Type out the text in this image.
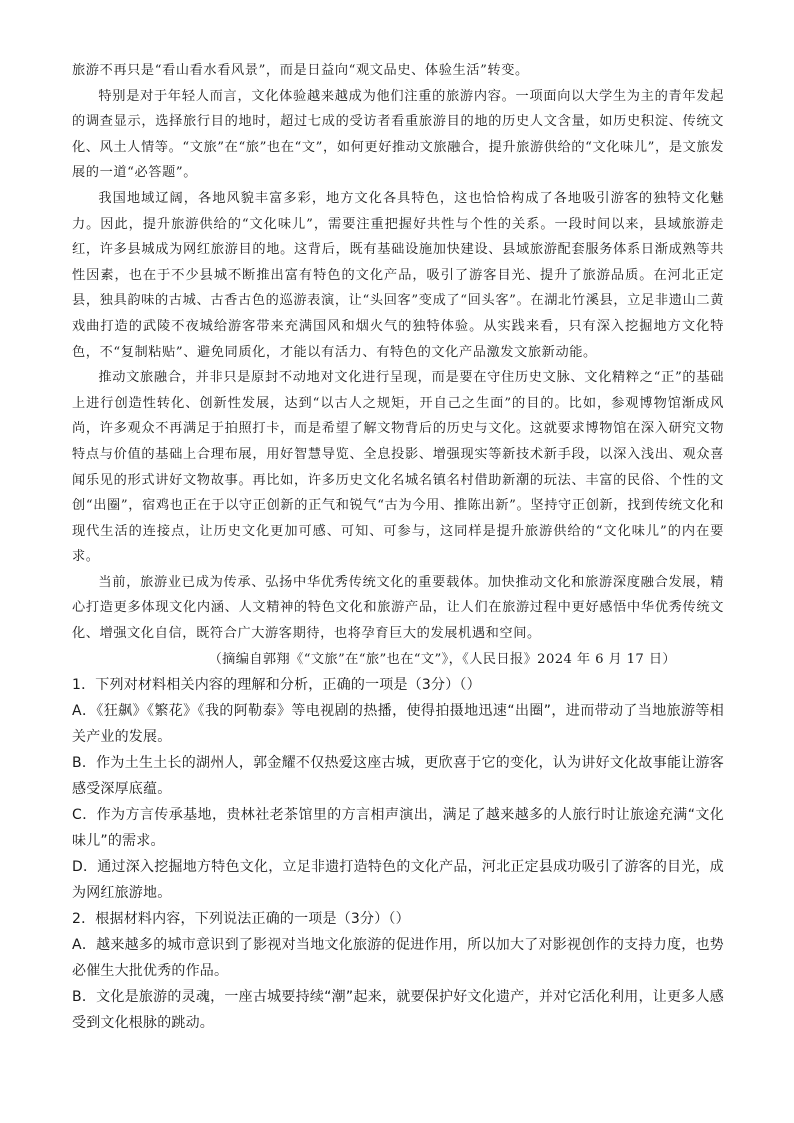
旅游不再只是“看山看水看风景”，而是日益向“观文品史、体验生活”转变。

特别是对于年轻人而言，文化体验越来越成为他们注重的旅游内容。一项面向以大学生为主的青年发起的调查显示，选择旅行目的地时，超过七成的受访者看重旅游目的地的历史人文含量，如历史积淀、传统文化、风土人情等。“文旅”在“旅”也在“文”，如何更好推动文旅融合，提升旅游供给的“文化味儿”，是文旅发展的一道“必答题”。

我国地域辽阔，各地风貌丰富多彩，地方文化各具特色，这也恰恰构成了各地吸引游客的独特文化魅力。因此，提升旅游供给的“文化味儿”，需要注重把握好共性与个性的关系。一段时间以来，县域旅游走红，许多县城成为网红旅游目的地。这背后，既有基础设施加快建设、县域旅游配套服务体系日渐成熟等共性因素，也在于不少县城不断推出富有特色的文化产品，吸引了游客目光、提升了旅游品质。在河北正定县，独具韵味的古城、古香古色的巡游表演，让“头回客”变成了“回头客”。在湖北竹溪县，立足非遗山二黄戏曲打造的武陵不夜城给游客带来充满国风和烟火气的独特体验。从实践来看，只有深入挖掘地方文化特色，不“复制粘贴”、避免同质化，才能以有活力、有特色的文化产品激发文旅新动能。

推动文旅融合，并非只是原封不动地对文化进行呈现，而是要在守住历史文脉、文化精粹之“正”的基础上进行创造性转化、创新性发展，达到“以古人之规矩，开自己之生面”的目的。比如，参观博物馆渐成风尚，许多观众不再满足于拍照打卡，而是希望了解文物背后的历史与文化。这就要求博物馆在深入研究文物特点与价值的基础上合理布展，用好智慧导览、全息投影、增强现实等新技术新手段，以深入浅出、观众喜闻乐见的形式讲好文物故事。再比如，许多历史文化名城名镇名村借助新潮的玩法、丰富的民俗、个性的文创“出圈”，宿鸡也正在于以守正创新的正气和锐气“古为今用、推陈出新”。坚持守正创新，找到传统文化和现代生活的连接点，让历史文化更加可感、可知、可参与，这同样是提升旅游供给的“文化味儿”的内在要求。

当前，旅游业已成为传承、弘扬中华优秀传统文化的重要载体。加快推动文化和旅游深度融合发展，精心打造更多体现文化内涵、人文精神的特色文化和旅游产品，让人们在旅游过程中更好感悟中华优秀传统文化、增强文化自信，既符合广大游客期待，也将孕育巨大的发展机遇和空间。

（摘编自郭翔《“文旅”在“旅”也在“文”》，《人民日报》2024 年 6 月 17 日）

1．下列对材料相关内容的理解和分析，正确的一项是（3分）（）

A．《狂飙》《繁花》《我的阿勒泰》等电视剧的热播，使得拍摄地迅速“出圈”，进而带动了当地旅游等相关产业的发展。

B．作为土生土长的湖州人，郭金耀不仅热爱这座古城，更欣喜于它的变化，认为讲好文化故事能让游客感受深厚底蕴。

C．作为方言传承基地，贵林社老茶馆里的方言相声演出，满足了越来越多的人旅行时让旅途充满“文化味儿”的需求。

D．通过深入挖掘地方特色文化，立足非遗打造特色的文化产品，河北正定县成功吸引了游客的目光，成为网红旅游地。

2．根据材料内容，下列说法正确的一项是（3分）（）

A．越来越多的城市意识到了影视对当地文化旅游的促进作用，所以加大了对影视创作的支持力度，也势必催生大批优秀的作品。

B．文化是旅游的灵魂，一座古城要持续“潮”起来，就要保护好文化遗产，并对它活化利用，让更多人感受到文化根脉的跳动。
